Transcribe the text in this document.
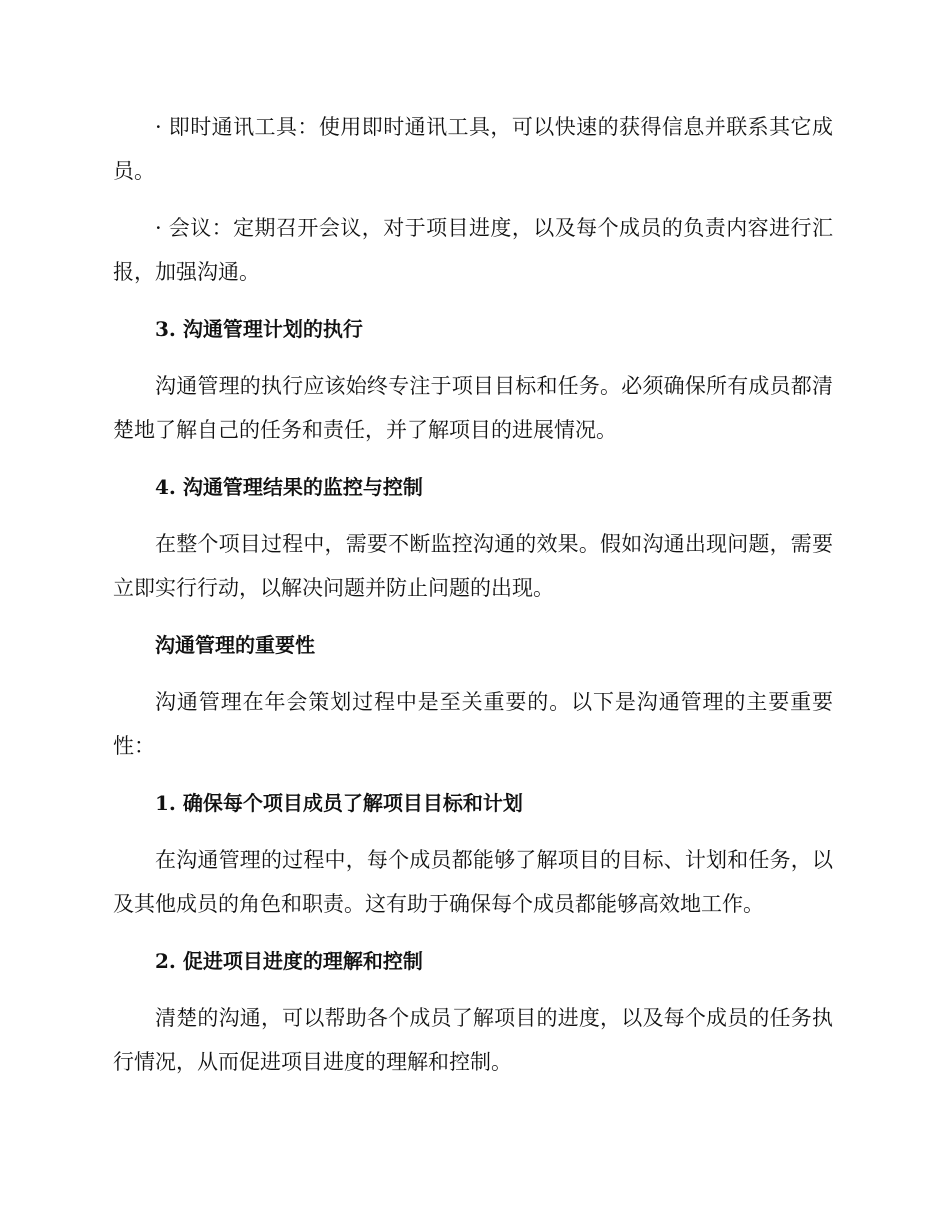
· 即时通讯工具：使用即时通讯工具，可以快速的获得信息并联系其它成员。

· 会议：定期召开会议，对于项目进度，以及每个成员的负责内容进行汇报，加强沟通。

3. 沟通管理计划的执行

沟通管理的执行应该始终专注于项目目标和任务。必须确保所有成员都清楚地了解自己的任务和责任，并了解项目的进展情况。

4. 沟通管理结果的监控与控制

在整个项目过程中，需要不断监控沟通的效果。假如沟通出现问题，需要立即实行行动，以解决问题并防止问题的出现。

沟通管理的重要性

沟通管理在年会策划过程中是至关重要的。以下是沟通管理的主要重要性：

1. 确保每个项目成员了解项目目标和计划

在沟通管理的过程中，每个成员都能够了解项目的目标、计划和任务，以及其他成员的角色和职责。这有助于确保每个成员都能够高效地工作。

2. 促进项目进度的理解和控制

清楚的沟通，可以帮助各个成员了解项目的进度，以及每个成员的任务执行情况，从而促进项目进度的理解和控制。
